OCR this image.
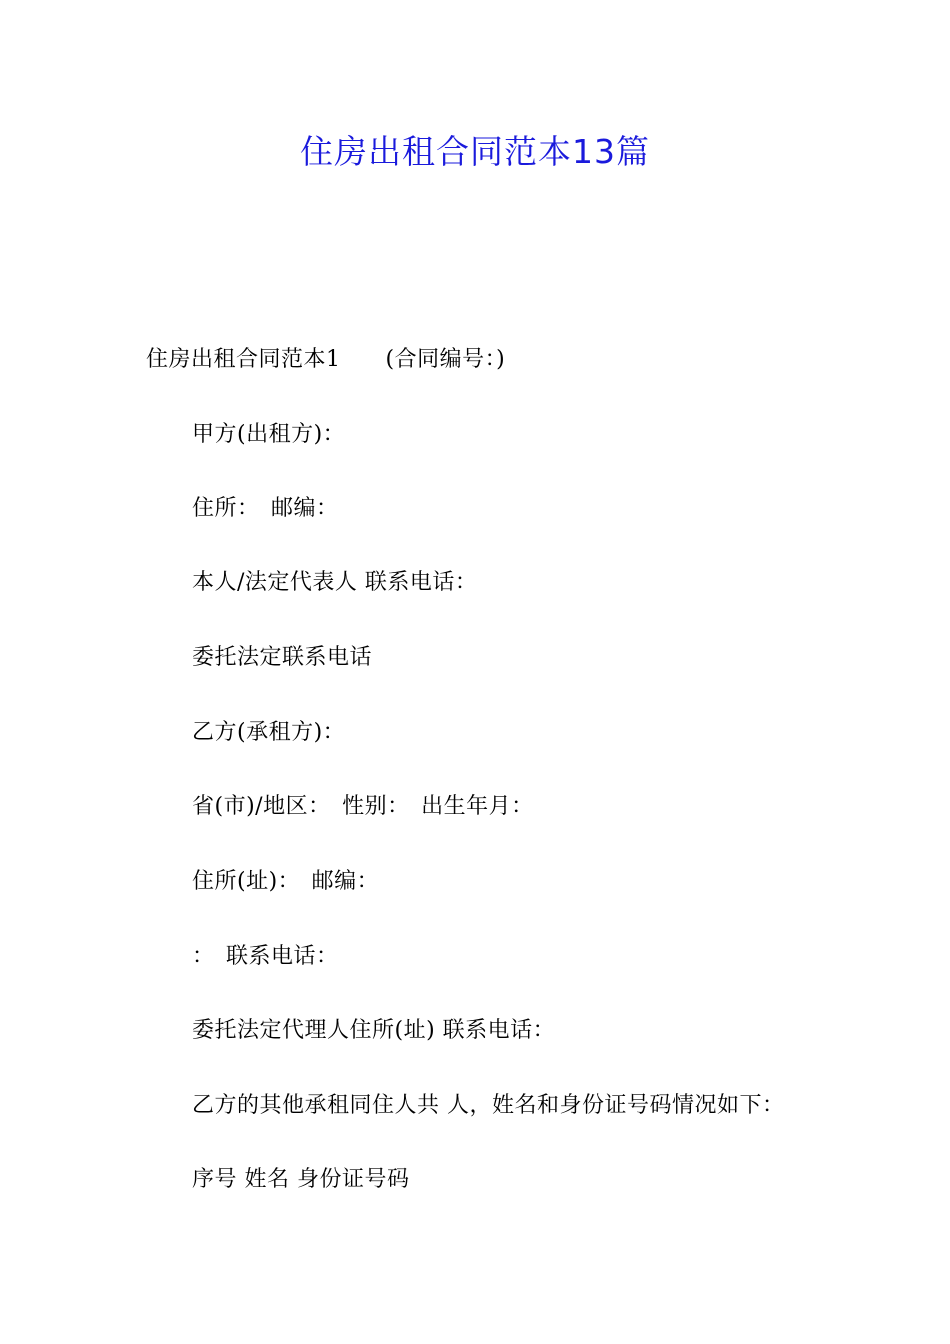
住房出租合同范本13篇
住房出租合同范本1　　(合同编号：)
甲方(出租方)：
住所：　邮编：
本人/法定代表人 联系电话：
委托法定联系电话
乙方(承租方)：
省(市)/地区：　性别：　出生年月：
住所(址)：　邮编：
：　联系电话：
委托法定代理人住所(址) 联系电话：
乙方的其他承租同住人共 人，姓名和身份证号码情况如下：
序号 姓名 身份证号码
